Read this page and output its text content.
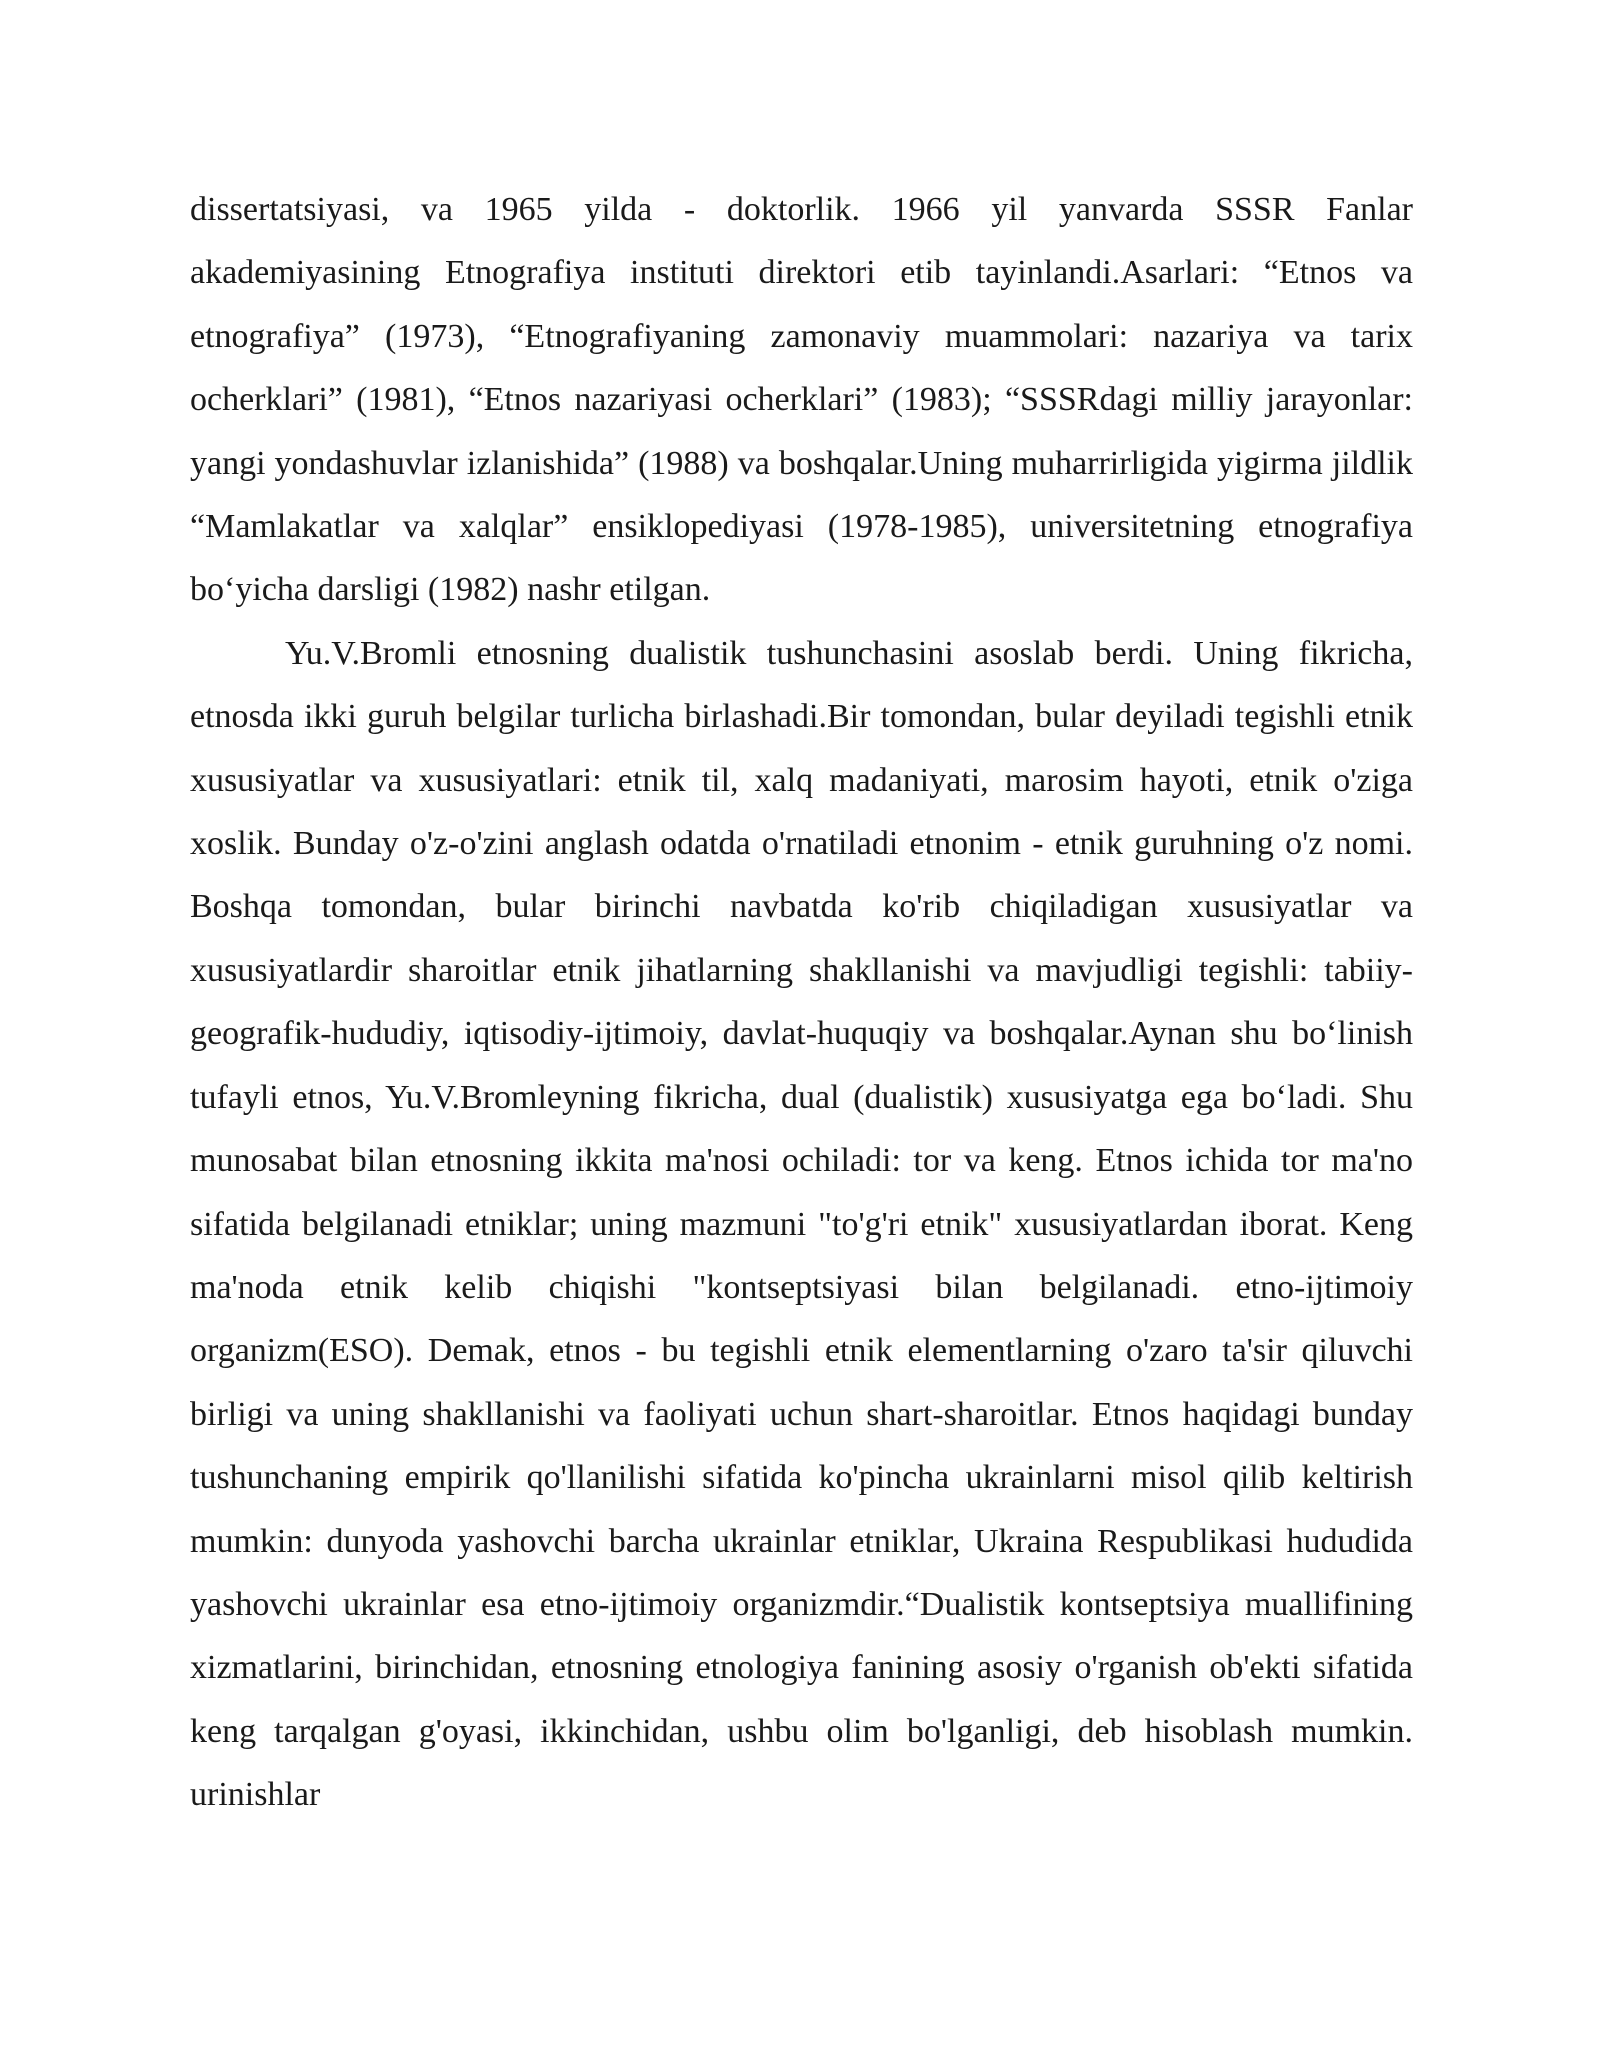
dissertatsiyasi, va 1965 yilda - doktorlik. 1966 yil yanvarda SSSR Fanlar akademiyasining Etnografiya instituti direktori etib tayinlandi.Asarlari: “Etnos va etnografiya” (1973), “Etnografiyaning zamonaviy muammolari: nazariya va tarix ocherklari” (1981), “Etnos nazariyasi ocherklari” (1983); “SSSRdagi milliy jarayonlar: yangi yondashuvlar izlanishida” (1988) va boshqalar.Uning muharrirligida yigirma jildlik “Mamlakatlar va xalqlar” ensiklopediyasi (1978-1985), universitetning etnografiya bo‘yicha darsligi (1982) nashr etilgan.

Yu.V.Bromli etnosning dualistik tushunchasini asoslab berdi. Uning fikricha, etnosda ikki guruh belgilar turlicha birlashadi.Bir tomondan, bular deyiladi tegishli etnik xususiyatlar va xususiyatlari: etnik til, xalq madaniyati, marosim hayoti, etnik o'ziga xoslik. Bunday o'z-o'zini anglash odatda o'rnatiladi etnonim - etnik guruhning o'z nomi. Boshqa tomondan, bular birinchi navbatda ko'rib chiqiladigan xususiyatlar va xususiyatlardir sharoitlar etnik jihatlarning shakllanishi va mavjudligi tegishli: tabiiy-geografik-hududiy, iqtisodiy-ijtimoiy, davlat-huquqiy va boshqalar.Aynan shu bo‘linish tufayli etnos, Yu.V.Bromleyning fikricha, dual (dualistik) xususiyatga ega bo‘ladi. Shu munosabat bilan etnosning ikkita ma'nosi ochiladi: tor va keng. Etnos ichida tor ma'no sifatida belgilanadi etniklar; uning mazmuni "to'g'ri etnik" xususiyatlardan iborat. Keng ma'noda etnik kelib chiqishi "kontseptsiyasi bilan belgilanadi. etno-ijtimoiy organizm(ESO). Demak, etnos - bu tegishli etnik elementlarning o'zaro ta'sir qiluvchi birligi va uning shakllanishi va faoliyati uchun shart-sharoitlar. Etnos haqidagi bunday tushunchaning empirik qo'llanilishi sifatida ko'pincha ukrainlarni misol qilib keltirish mumkin: dunyoda yashovchi barcha ukrainlar etniklar, Ukraina Respublikasi hududida yashovchi ukrainlar esa etno-ijtimoiy organizmdir.“Dualistik kontseptsiya muallifining xizmatlarini, birinchidan, etnosning etnologiya fanining asosiy o'rganish ob'ekti sifatida keng tarqalgan g'oyasi, ikkinchidan, ushbu olim bo'lganligi, deb hisoblash mumkin. urinishlar
